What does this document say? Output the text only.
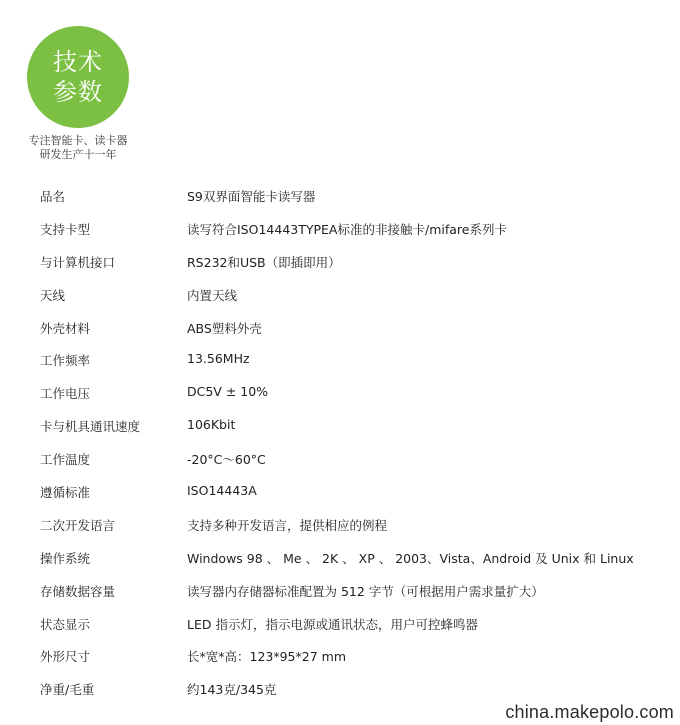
技术
参数
专注智能卡、读卡器
研发生产十一年
品名	S9双界面智能卡读写器
支持卡型	读写符合ISO14443TYPEA标准的非接触卡/mifare系列卡
与计算机接口	RS232和USB（即插即用）
天线	内置天线
外壳材料	ABS塑料外壳
工作频率	13.56MHz
工作电压	DC5V ± 10%
卡与机具通讯速度	106Kbit
工作温度	-20°C～60°C
遵循标准	ISO14443A
二次开发语言	支持多种开发语言，提供相应的例程
操作系统	Windows 98 、 Me 、 2K 、 XP 、 2003、Vista、Android 及 Unix 和 Linux
存储数据容量	读写器内存储器标准配置为 512 字节（可根据用户需求量扩大）
状态显示	LED 指示灯，指示电源或通讯状态，用户可控蜂鸣器
外形尺寸	长*宽*高：123*95*27 mm
净重/毛重	约143克/345克
china.makepolo.com
